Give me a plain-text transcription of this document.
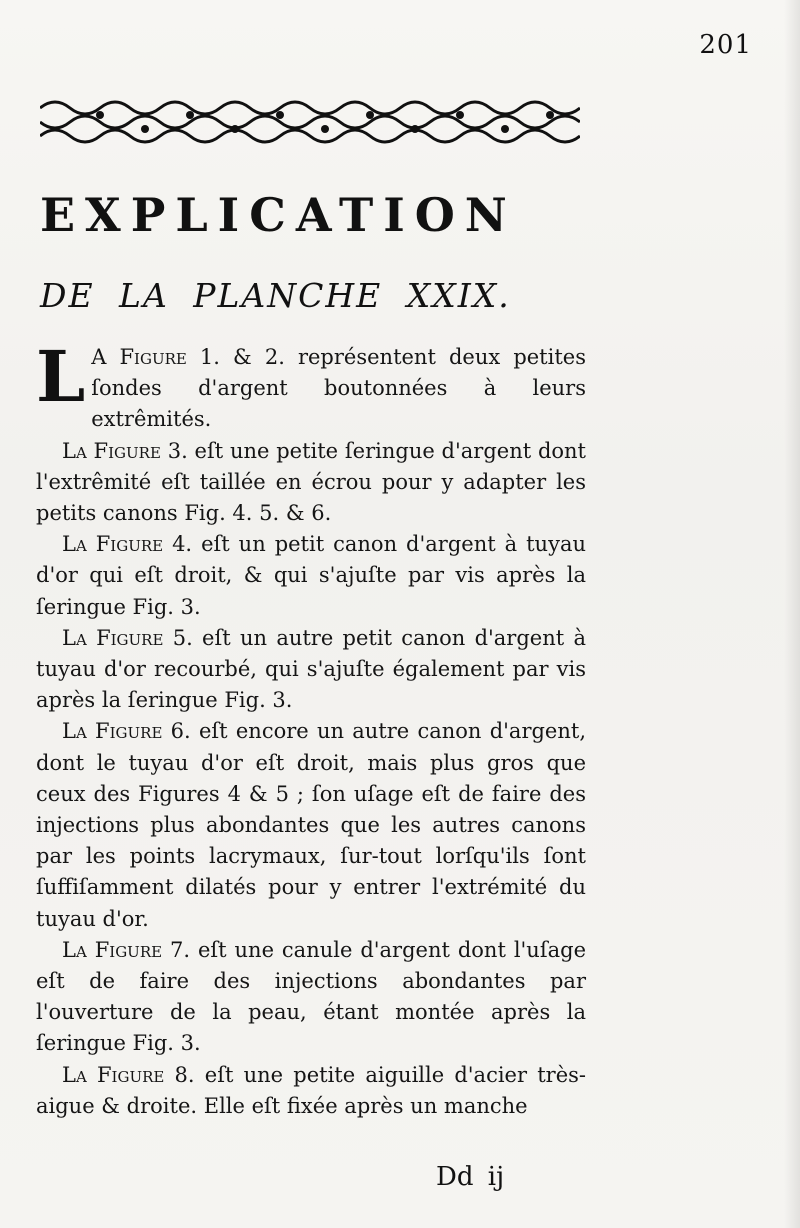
201
EXPLICATION
DE LA PLANCHE XXIX.

L A Figure 1. & 2. représentent deux petites ſondes d'argent boutonnées à leurs extrêmités.

La Figure 3. eſt une petite ſeringue d'argent dont l'extrêmité eſt taillée en écrou pour y adapter les petits canons Fig. 4. 5. & 6.

La Figure 4. eſt un petit canon d'argent à tuyau d'or qui eſt droit, & qui s'ajuſte par vis après la ſeringue Fig. 3.

La Figure 5. eſt un autre petit canon d'argent à tuyau d'or recourbé, qui s'ajuſte également par vis après la ſeringue Fig. 3.

La Figure 6. eſt encore un autre canon d'argent, dont le tuyau d'or eſt droit, mais plus gros que ceux des Figures 4 & 5 ; ſon uſage eſt de faire des injections plus abondantes que les autres canons par les points lacrymaux, ſur-tout lorſqu'ils ſont ſuffiſamment dilatés pour y entrer l'extrémité du tuyau d'or.

La Figure 7. eſt une canule d'argent dont l'uſage eſt de faire des injections abondantes par l'ouverture de la peau, étant montée après la ſeringue Fig. 3.

La Figure 8. eſt une petite aiguille d'acier très-aigue & droite. Elle eſt fixée après un manche

Dd ij
